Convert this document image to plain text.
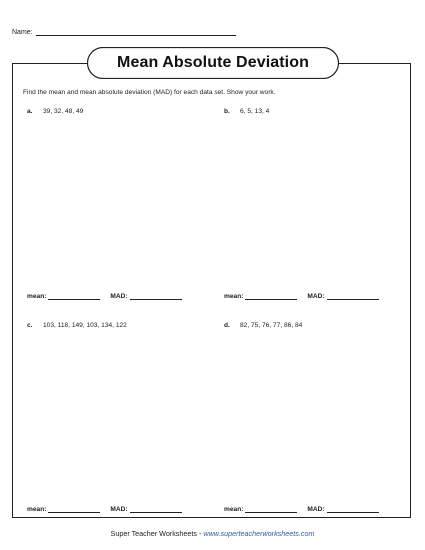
Name:
Mean Absolute Deviation
Find the mean and mean absolute deviation (MAD) for each data set. Show your work.
a. 39, 32, 48, 49	b. 6, 5, 13, 4
mean:	MAD:	mean:	MAD:
c. 103, 118, 149, 103, 134, 122	d. 82, 75, 76, 77, 86, 84
mean:	MAD:	mean:	MAD:
Super Teacher Worksheets - www.superteacherworksheets.com
